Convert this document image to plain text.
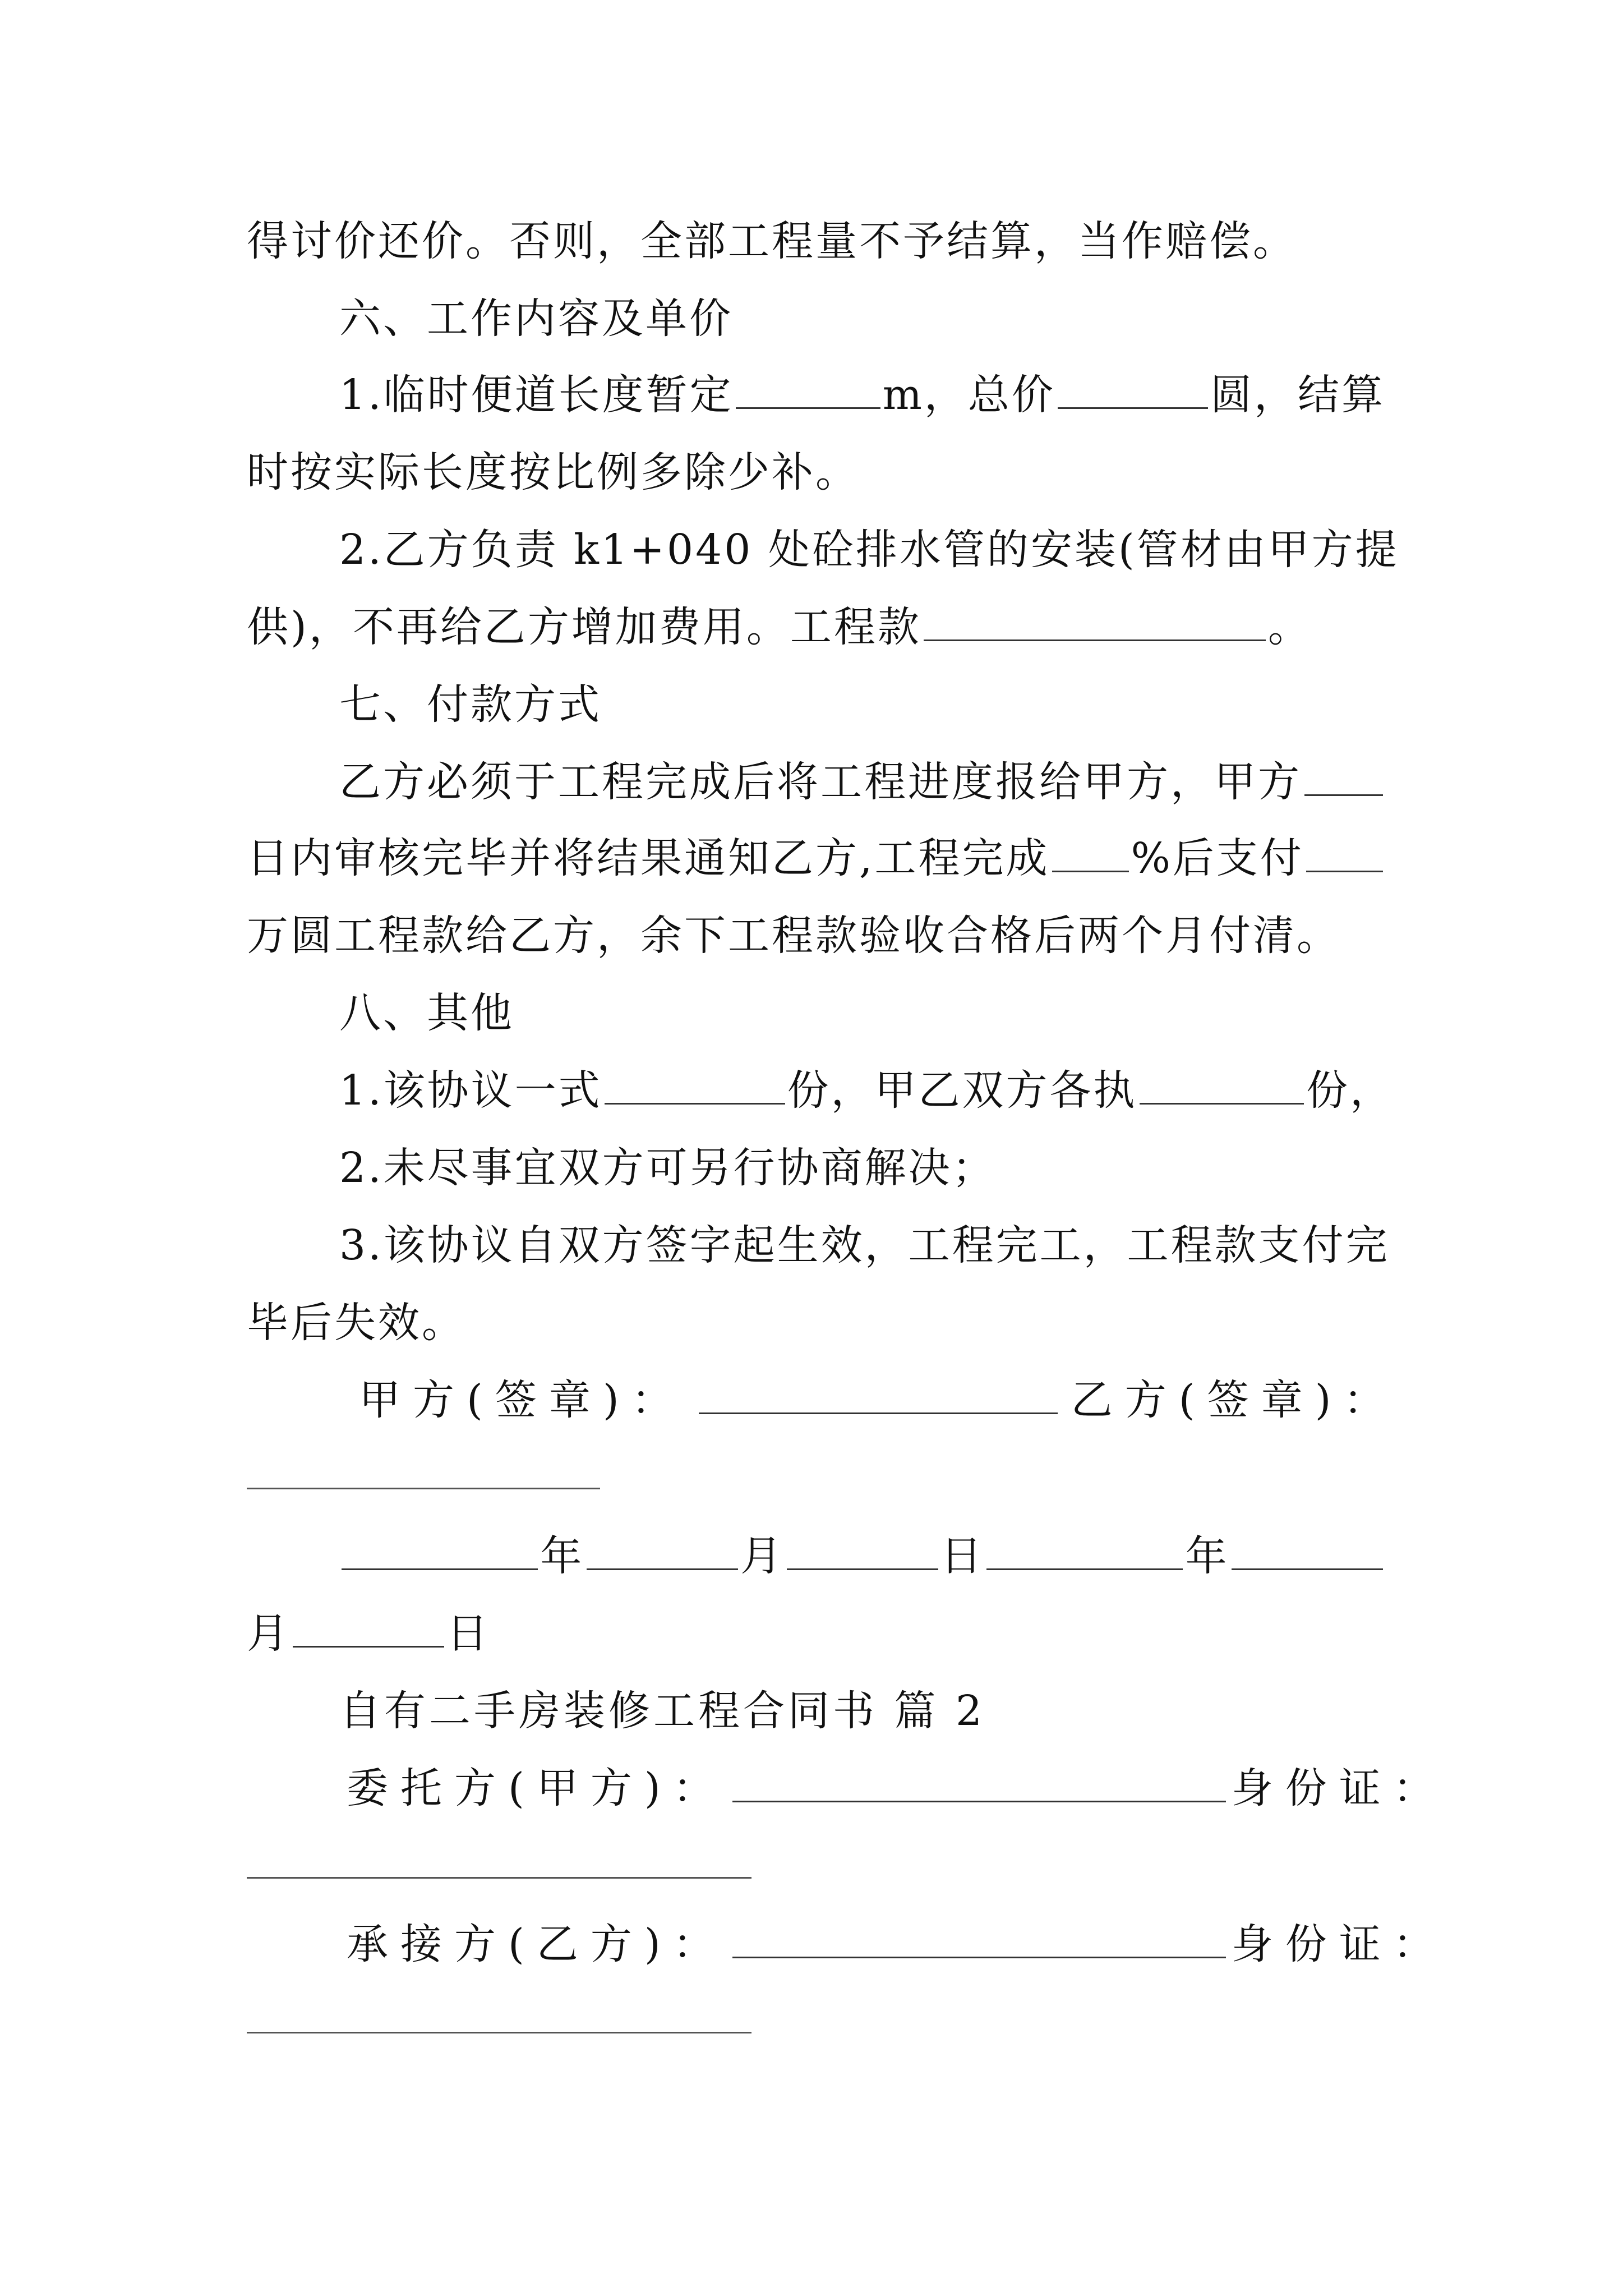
得讨价还价。否则，全部工程量不予结算，当作赔偿。
六、工作内容及单价
1.临时便道长度暂定	m，总价	圆，结算
时按实际长度按比例多除少补。
2.乙方负责 k1+040 处砼排水管的安装(管材由甲方提
供)，不再给乙方增加费用。工程款	。
七、付款方式
乙方必须于工程完成后将工程进度报给甲方，甲方
日内审核完毕并将结果通知乙方,工程完成 %后支付
万圆工程款给乙方，余下工程款验收合格后两个月付清。
八、其他
1.该协议一式	份，甲乙双方各执	份，
2.未尽事宜双方可另行协商解决；
3.该协议自双方签字起生效，工程完工，工程款支付完
毕后失效。
甲方(签章)：	乙方(签章)：
年	月	日	年
月	日
自有二手房装修工程合同书 篇 2
委托方(甲方)：	身份证：
承接方(乙方)：	身份证：
